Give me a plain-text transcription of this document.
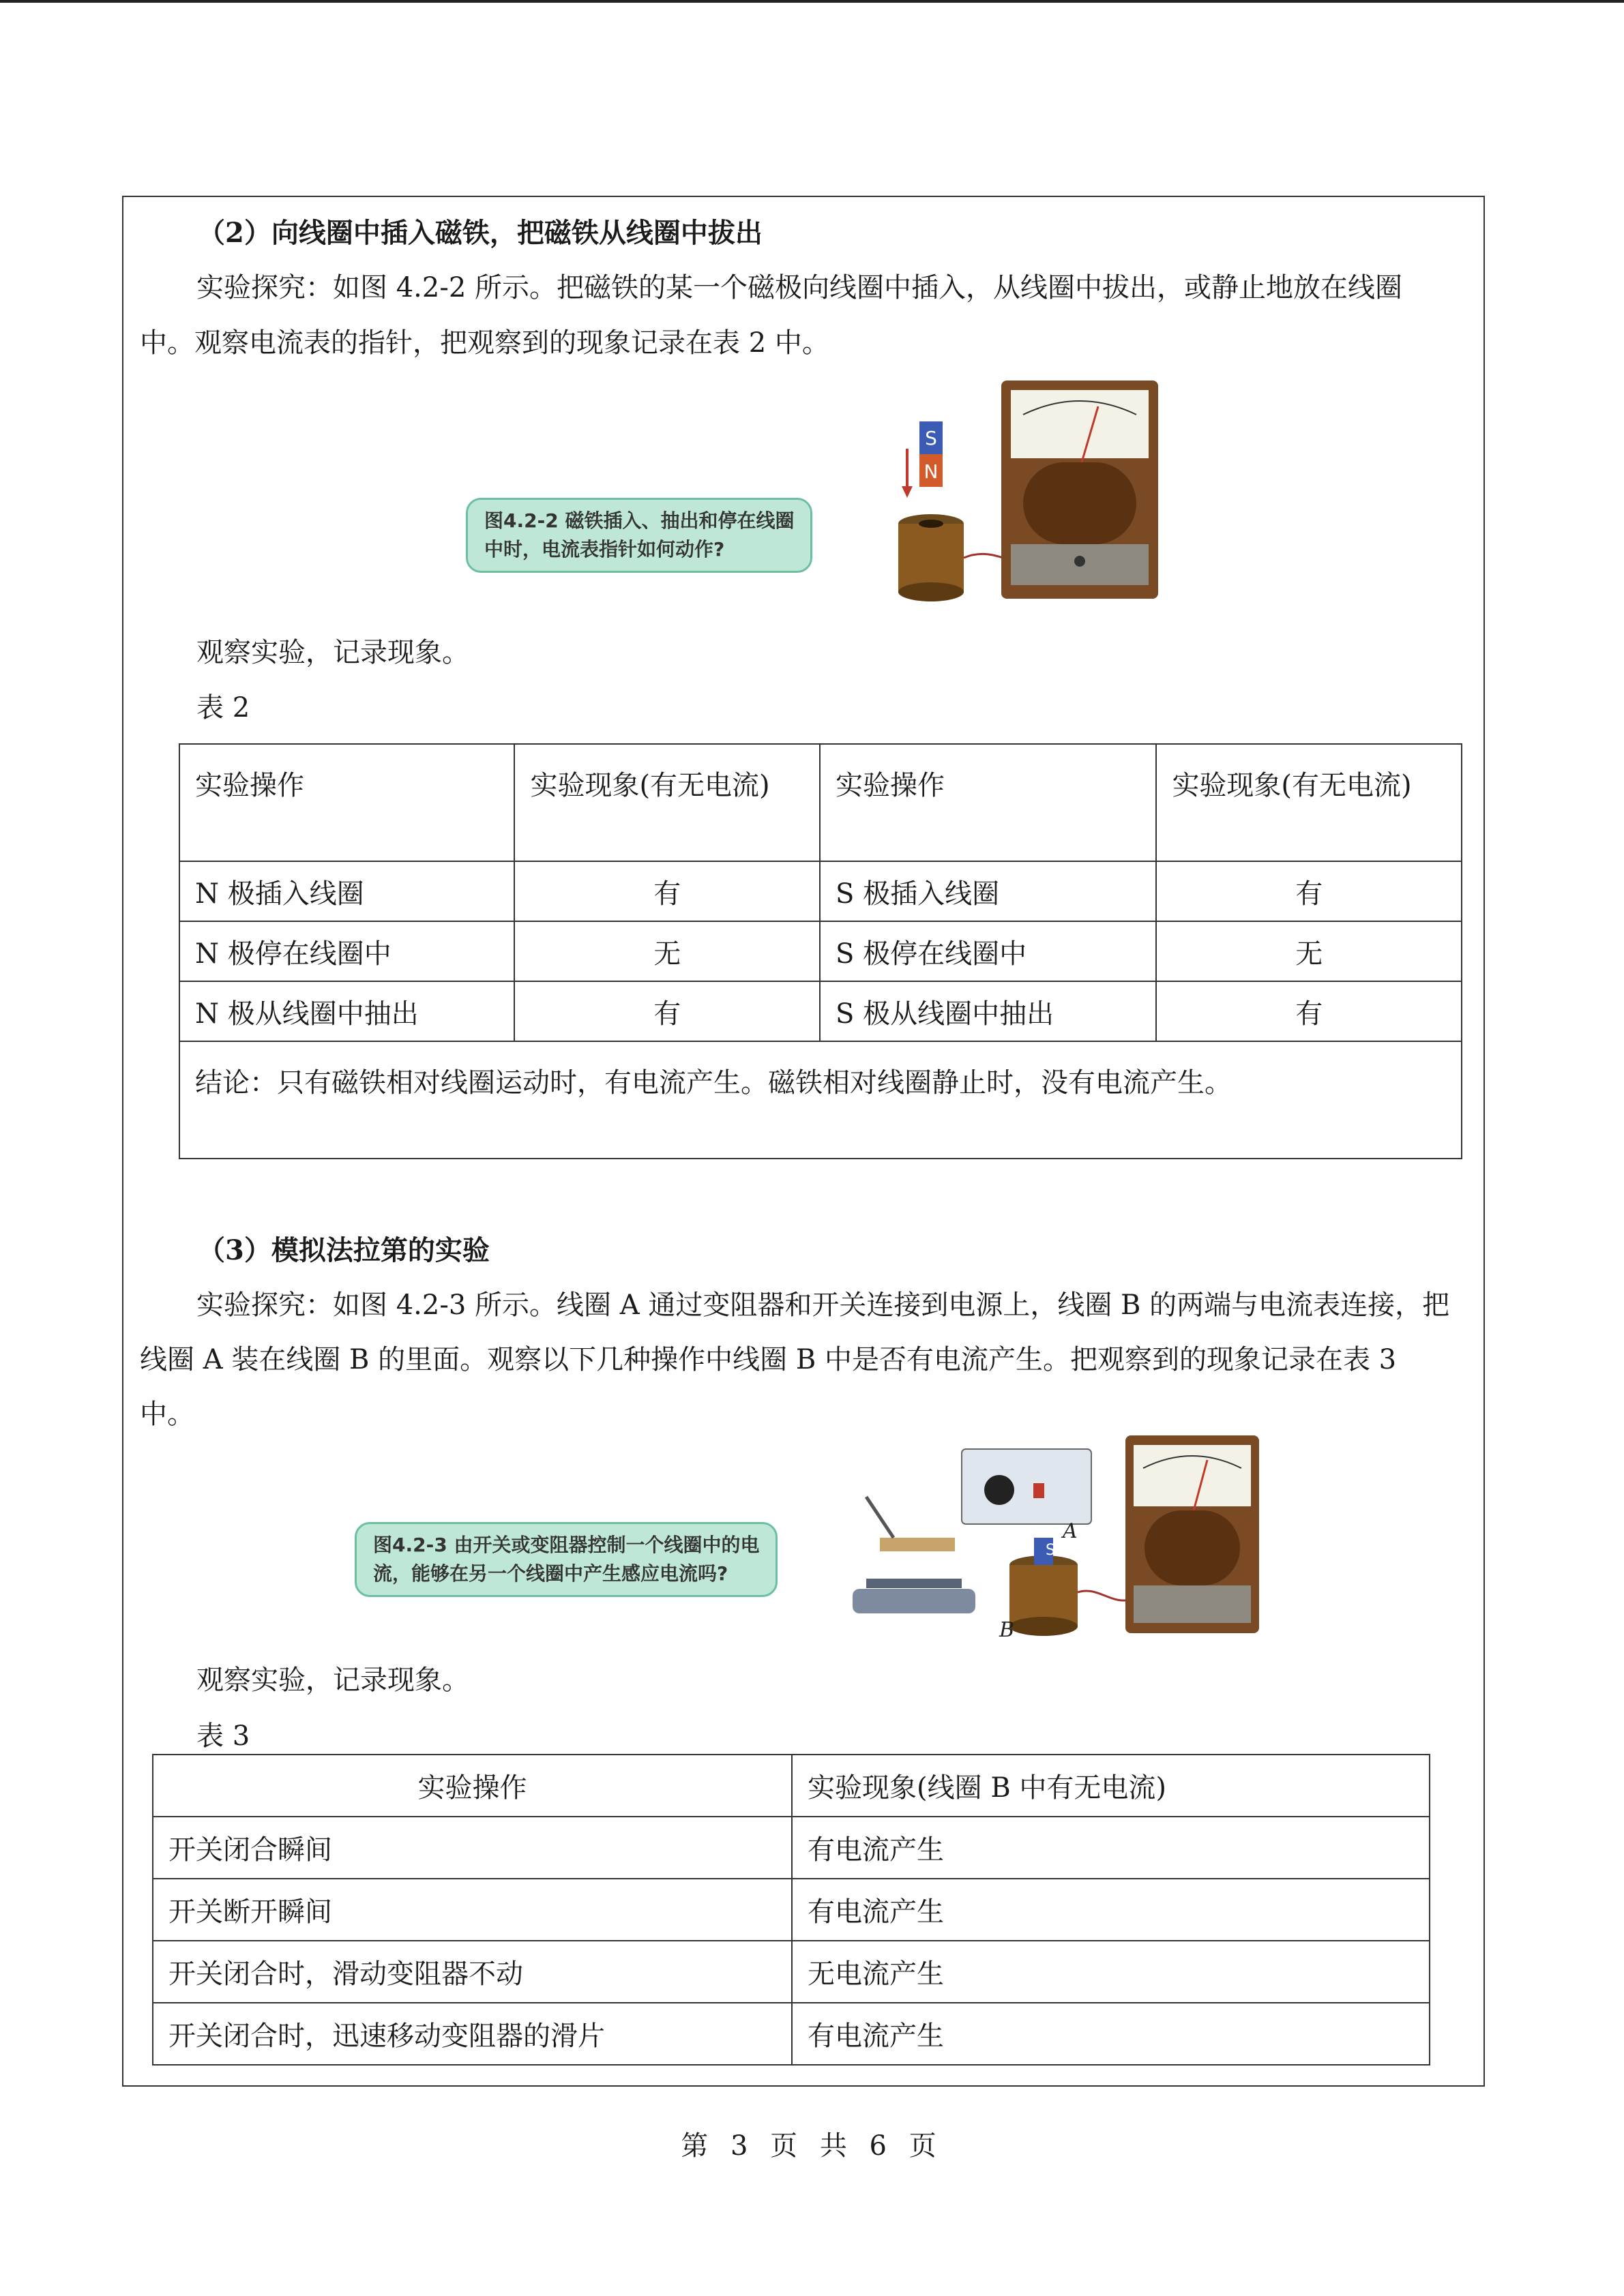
（2）向线圈中插入磁铁，把磁铁从线圈中拔出
实验探究：如图 4.2-2 所示。把磁铁的某一个磁极向线圈中插入，从线圈中拔出，或静止地放在线圈
中。观察电流表的指针，把观察到的现象记录在表 2 中。
图4.2-2 磁铁插入、抽出和停在线圈
中时，电流表指针如何动作?
S
N
观察实验，记录现象。
表 2
实验操作	实验现象(有无电流)	实验操作	实验现象(有无电流)
N 极插入线圈	有	S 极插入线圈	有
N 极停在线圈中	无	S 极停在线圈中	无
N 极从线圈中抽出	有	S 极从线圈中抽出	有
结论：只有磁铁相对线圈运动时，有电流产生。磁铁相对线圈静止时，没有电流产生。			
（3）模拟法拉第的实验
实验探究：如图 4.2-3 所示。线圈 A 通过变阻器和开关连接到电源上，线圈 B 的两端与电流表连接，把
线圈 A 装在线圈 B 的里面。观察以下几种操作中线圈 B 中是否有电流产生。把观察到的现象记录在表 3
中。
图4.2-3 由开关或变阻器控制一个线圈中的电
流，能够在另一个线圈中产生感应电流吗?
A
S
B
观察实验，记录现象。
表 3
实验操作	实验现象(线圈 B 中有无电流)
开关闭合瞬间	有电流产生
开关断开瞬间	有电流产生
开关闭合时，滑动变阻器不动	无电流产生
开关闭合时，迅速移动变阻器的滑片	有电流产生
第 3 页 共 6 页
